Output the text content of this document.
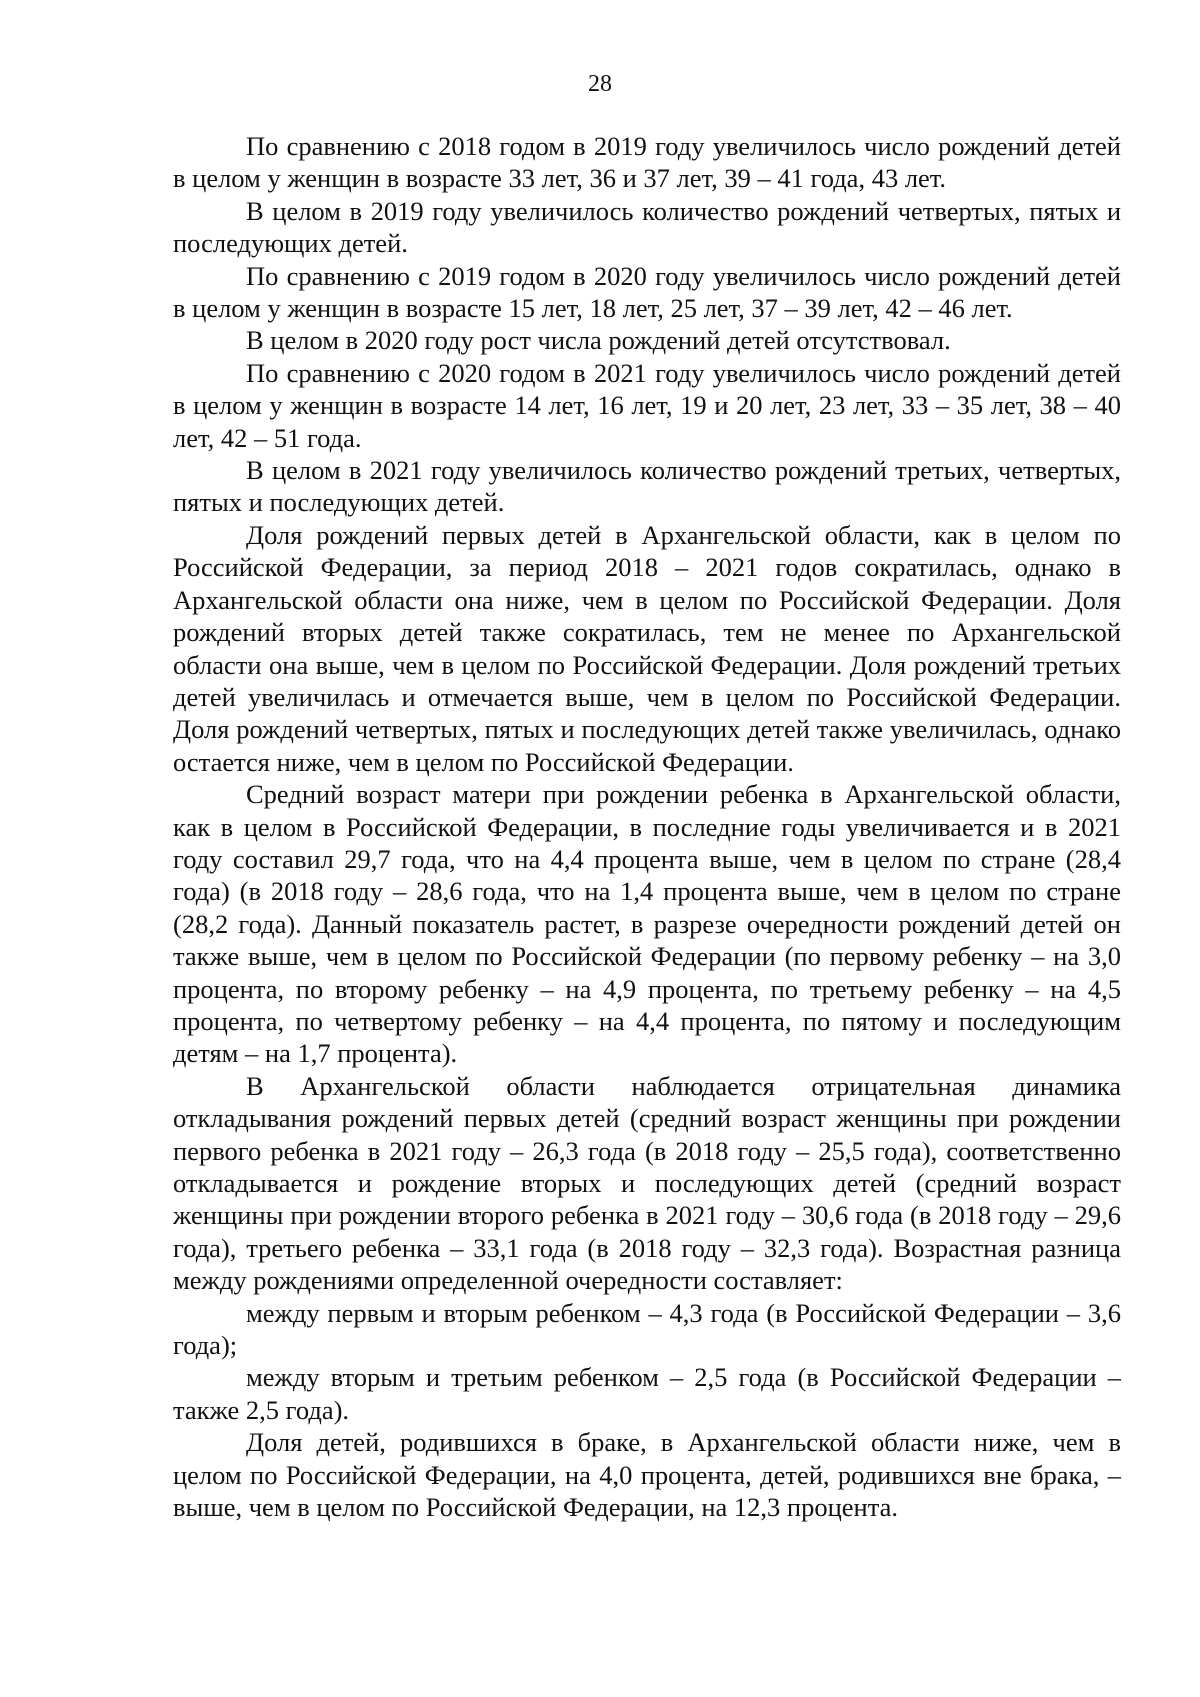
28

По сравнению с 2018 годом в 2019 году увеличилось число рождений детей в целом у женщин в возрасте 33 лет, 36 и 37 лет, 39 – 41 года, 43 лет.

В целом в 2019 году увеличилось количество рождений четвертых, пятых и последующих детей.

По сравнению с 2019 годом в 2020 году увеличилось число рождений детей в целом у женщин в возрасте 15 лет, 18 лет, 25 лет, 37 – 39 лет, 42 – 46 лет.

В целом в 2020 году рост числа рождений детей отсутствовал.

По сравнению с 2020 годом в 2021 году увеличилось число рождений детей в целом у женщин в возрасте 14 лет, 16 лет, 19 и 20 лет, 23 лет, 33 – 35 лет, 38 – 40 лет, 42 – 51 года.

В целом в 2021 году увеличилось количество рождений третьих, четвертых, пятых и последующих детей.

Доля рождений первых детей в Архангельской области, как в целом по Российской Федерации, за период 2018 – 2021 годов сократилась, однако в Архангельской области она ниже, чем в целом по Российской Федерации. Доля рождений вторых детей также сократилась, тем не менее по Архангельской области она выше, чем в целом по Российской Федерации. Доля рождений третьих детей увеличилась и отмечается выше, чем в целом по Российской Федерации. Доля рождений четвертых, пятых и последующих детей также увеличилась, однако остается ниже, чем в целом по Российской Федерации.

Средний возраст матери при рождении ребенка в Архангельской области, как в целом в Российской Федерации, в последние годы увеличивается и в 2021 году составил 29,7 года, что на 4,4 процента выше, чем в целом по стране (28,4 года) (в 2018 году – 28,6 года, что на 1,4 процента выше, чем в целом по стране (28,2 года). Данный показатель растет, в разрезе очередности рождений детей он также выше, чем в целом по Российской Федерации (по первому ребенку – на 3,0 процента, по второму ребенку – на 4,9 процента, по третьему ребенку – на 4,5 процента, по четвертому ребенку – на 4,4 процента, по пятому и последующим детям – на 1,7 процента).

В Архангельской области наблюдается отрицательная динамика откладывания рождений первых детей (средний возраст женщины при рождении первого ребенка в 2021 году – 26,3 года (в 2018 году – 25,5 года), соответственно откладывается и рождение вторых и последующих детей (средний возраст женщины при рождении второго ребенка в 2021 году – 30,6 года (в 2018 году – 29,6 года), третьего ребенка – 33,1 года (в 2018 году – 32,3 года). Возрастная разница между рождениями определенной очередности составляет:

между первым и вторым ребенком – 4,3 года (в Российской Федерации – 3,6 года);

между вторым и третьим ребенком – 2,5 года (в Российской Федерации – также 2,5 года).

Доля детей, родившихся в браке, в Архангельской области ниже, чем в целом по Российской Федерации, на 4,0 процента, детей, родившихся вне брака, – выше, чем в целом по Российской Федерации, на 12,3 процента.
